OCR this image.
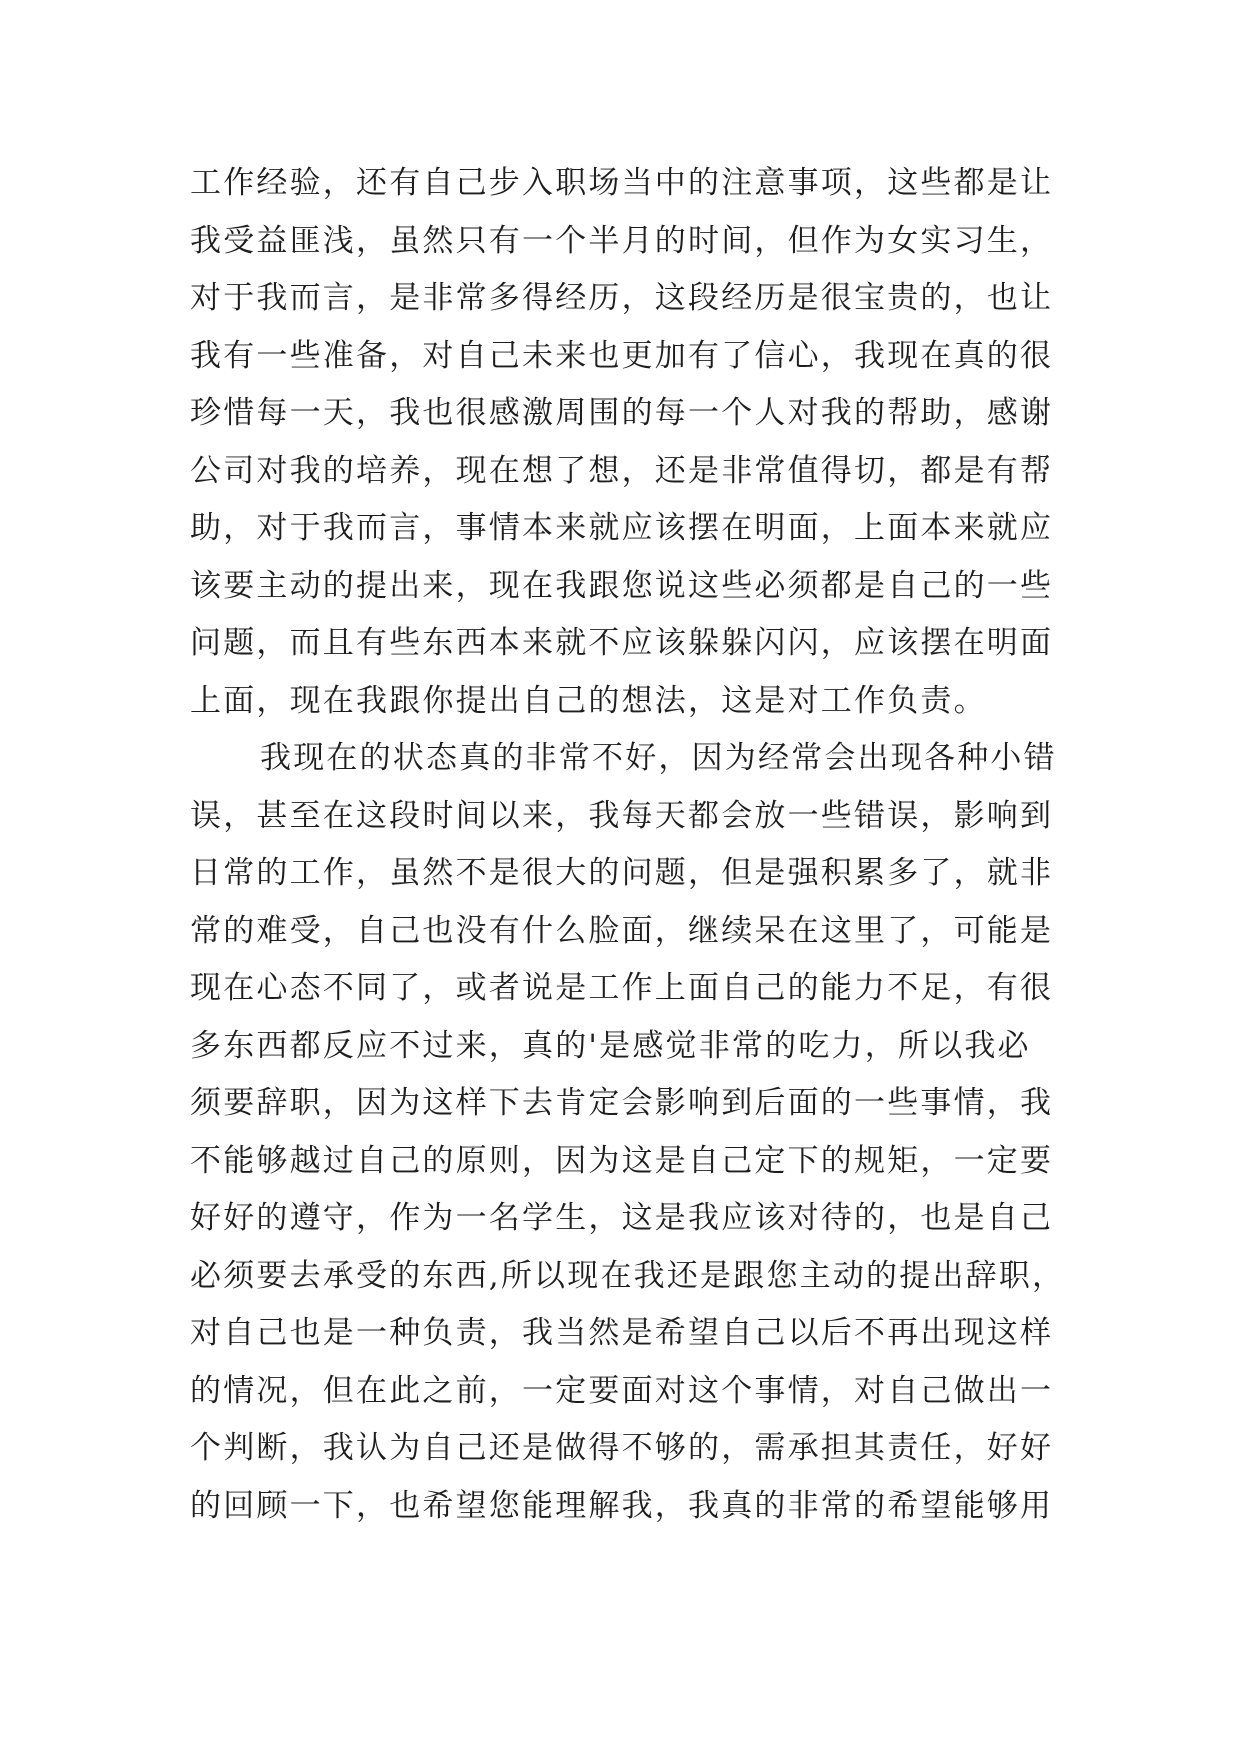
工作经验，还有自己步入职场当中的注意事项，这些都是让
我受益匪浅，虽然只有一个半月的时间，但作为女实习生，
对于我而言，是非常多得经历，这段经历是很宝贵的，也让
我有一些准备，对自己未来也更加有了信心，我现在真的很
珍惜每一天，我也很感激周围的每一个人对我的帮助，感谢
公司对我的培养，现在想了想，还是非常值得切，都是有帮
助，对于我而言，事情本来就应该摆在明面，上面本来就应
该要主动的提出来，现在我跟您说这些必须都是自己的一些
问题，而且有些东西本来就不应该躲躲闪闪，应该摆在明面
上面，现在我跟你提出自己的想法，这是对工作负责。
我现在的状态真的非常不好，因为经常会出现各种小错
误，甚至在这段时间以来，我每天都会放一些错误，影响到
日常的工作，虽然不是很大的问题，但是强积累多了，就非
常的难受，自己也没有什么脸面，继续呆在这里了，可能是
现在心态不同了，或者说是工作上面自己的能力不足，有很
多东西都反应不过来，真的'是感觉非常的吃力，所以我必
须要辞职，因为这样下去肯定会影响到后面的一些事情，我
不能够越过自己的原则，因为这是自己定下的规矩，一定要
好好的遵守，作为一名学生，这是我应该对待的，也是自己
必须要去承受的东西,所以现在我还是跟您主动的提出辞职，
对自己也是一种负责，我当然是希望自己以后不再出现这样
的情况，但在此之前，一定要面对这个事情，对自己做出一
个判断，我认为自己还是做得不够的，需承担其责任，好好
的回顾一下，也希望您能理解我，我真的非常的希望能够用
